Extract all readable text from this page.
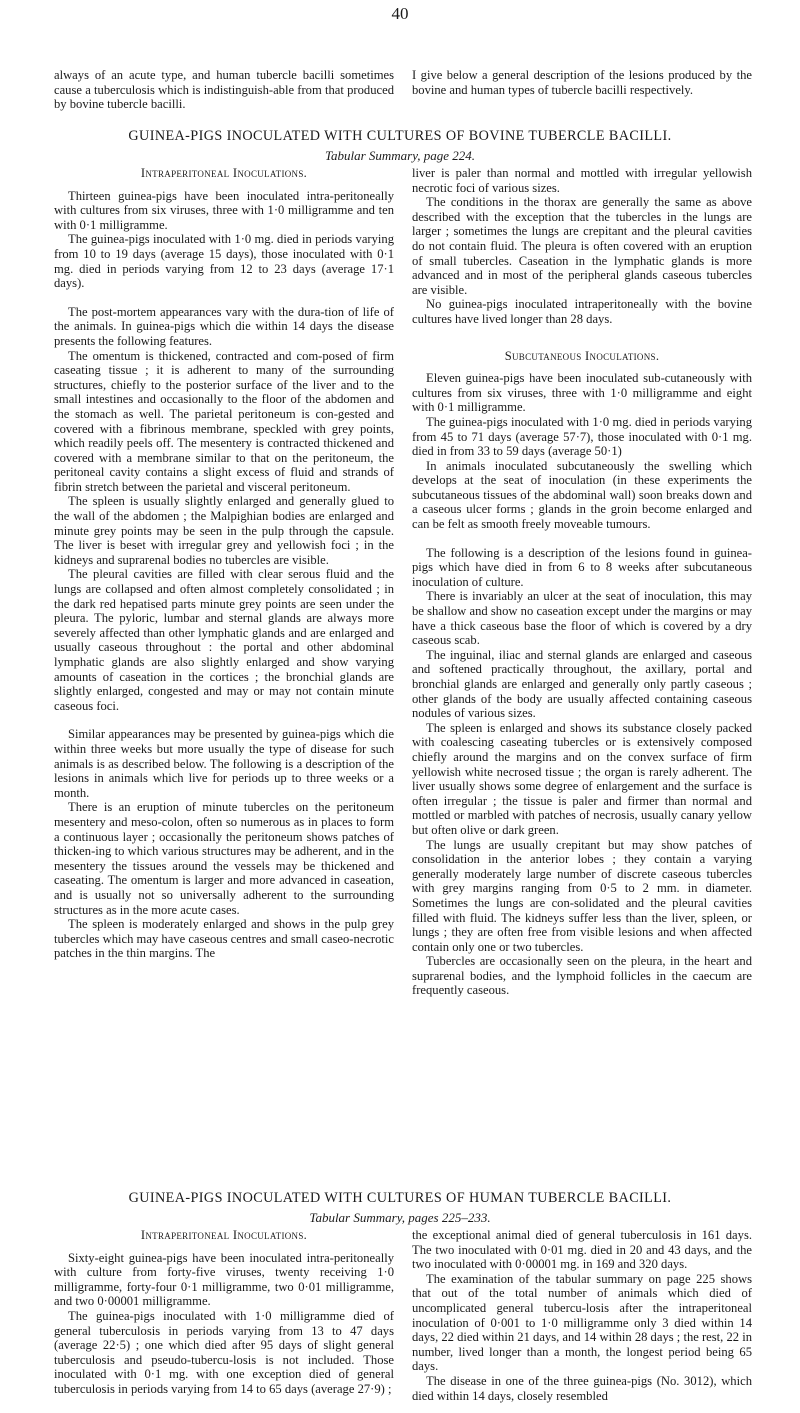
40

always of an acute type, and human tubercle bacilli sometimes cause a tuberculosis which is indistinguish-able from that produced by bovine tubercle bacilli.

I give below a general description of the lesions produced by the bovine and human types of tubercle bacilli respectively.

GUINEA-PIGS INOCULATED WITH CULTURES OF BOVINE TUBERCLE BACILLI.
Tabular Summary, page 224.
Intraperitoneal Inoculations.

Thirteen guinea-pigs have been inoculated intra-peritoneally with cultures from six viruses, three with 1·0 milligramme and ten with 0·1 milligramme.

The guinea-pigs inoculated with 1·0 mg. died in periods varying from 10 to 19 days (average 15 days), those inoculated with 0·1 mg. died in periods varying from 12 to 23 days (average 17·1 days).

The post-mortem appearances vary with the dura-tion of life of the animals. In guinea-pigs which die within 14 days the disease presents the following features.

The omentum is thickened, contracted and com-posed of firm caseating tissue ; it is adherent to many of the surrounding structures, chiefly to the posterior surface of the liver and to the small intestines and occasionally to the floor of the abdomen and the stomach as well. The parietal peritoneum is con-gested and covered with a fibrinous membrane, speckled with grey points, which readily peels off. The mesentery is contracted thickened and covered with a membrane similar to that on the peritoneum, the peritoneal cavity contains a slight excess of fluid and strands of fibrin stretch between the parietal and visceral peritoneum.

The spleen is usually slightly enlarged and generally glued to the wall of the abdomen ; the Malpighian bodies are enlarged and minute grey points may be seen in the pulp through the capsule. The liver is beset with irregular grey and yellowish foci ; in the kidneys and suprarenal bodies no tubercles are visible.

The pleural cavities are filled with clear serous fluid and the lungs are collapsed and often almost completely consolidated ; in the dark red hepatised parts minute grey points are seen under the pleura. The pyloric, lumbar and sternal glands are always more severely affected than other lymphatic glands and are enlarged and usually caseous throughout : the portal and other abdominal lymphatic glands are also slightly enlarged and show varying amounts of caseation in the cortices ; the bronchial glands are slightly enlarged, congested and may or may not contain minute caseous foci.

Similar appearances may be presented by guinea-pigs which die within three weeks but more usually the type of disease for such animals is as described below. The following is a description of the lesions in animals which live for periods up to three weeks or a month.

There is an eruption of minute tubercles on the peritoneum mesentery and meso-colon, often so numerous as in places to form a continuous layer ; occasionally the peritoneum shows patches of thicken-ing to which various structures may be adherent, and in the mesentery the tissues around the vessels may be thickened and caseating. The omentum is larger and more advanced in caseation, and is usually not so universally adherent to the surrounding structures as in the more acute cases.

The spleen is moderately enlarged and shows in the pulp grey tubercles which may have caseous centres and small caseo-necrotic patches in the thin margins. The

liver is paler than normal and mottled with irregular yellowish necrotic foci of various sizes.

The conditions in the thorax are generally the same as above described with the exception that the tubercles in the lungs are larger ; sometimes the lungs are crepitant and the pleural cavities do not contain fluid. The pleura is often covered with an eruption of small tubercles. Caseation in the lymphatic glands is more advanced and in most of the peripheral glands caseous tubercles are visible.

No guinea-pigs inoculated intraperitoneally with the bovine cultures have lived longer than 28 days.

Subcutaneous Inoculations.

Eleven guinea-pigs have been inoculated sub-cutaneously with cultures from six viruses, three with 1·0 milligramme and eight with 0·1 milligramme.

The guinea-pigs inoculated with 1·0 mg. died in periods varying from 45 to 71 days (average 57·7), those inoculated with 0·1 mg. died in from 33 to 59 days (average 50·1)

In animals inoculated subcutaneously the swelling which develops at the seat of inoculation (in these experiments the subcutaneous tissues of the abdominal wall) soon breaks down and a caseous ulcer forms ; glands in the groin become enlarged and can be felt as smooth freely moveable tumours.

The following is a description of the lesions found in guinea-pigs which have died in from 6 to 8 weeks after subcutaneous inoculation of culture.

There is invariably an ulcer at the seat of inoculation, this may be shallow and show no caseation except under the margins or may have a thick caseous base the floor of which is covered by a dry caseous scab.

The inguinal, iliac and sternal glands are enlarged and caseous and softened practically throughout, the axillary, portal and bronchial glands are enlarged and generally only partly caseous ; other glands of the body are usually affected containing caseous nodules of various sizes.

The spleen is enlarged and shows its substance closely packed with coalescing caseating tubercles or is extensively composed chiefly around the margins and on the convex surface of firm yellowish white necrosed tissue ; the organ is rarely adherent. The liver usually shows some degree of enlargement and the surface is often irregular ; the tissue is paler and firmer than normal and mottled or marbled with patches of necrosis, usually canary yellow but often olive or dark green.

The lungs are usually crepitant but may show patches of consolidation in the anterior lobes ; they contain a varying generally moderately large number of discrete caseous tubercles with grey margins ranging from 0·5 to 2 mm. in diameter. Sometimes the lungs are con-solidated and the pleural cavities filled with fluid. The kidneys suffer less than the liver, spleen, or lungs ; they are often free from visible lesions and when affected contain only one or two tubercles.

Tubercles are occasionally seen on the pleura, in the heart and suprarenal bodies, and the lymphoid follicles in the caecum are frequently caseous.

GUINEA-PIGS INOCULATED WITH CULTURES OF HUMAN TUBERCLE BACILLI.
Tabular Summary, pages 225–233.
Intraperitoneal Inoculations.

Sixty-eight guinea-pigs have been inoculated intra-peritoneally with culture from forty-five viruses, twenty receiving 1·0 milligramme, forty-four 0·1 milligramme, two 0·01 milligramme, and two 0·00001 milligramme.

The guinea-pigs inoculated with 1·0 milligramme died of general tuberculosis in periods varying from 13 to 47 days (average 22·5) ; one which died after 95 days of slight general tuberculosis and pseudo-tubercu-losis is not included. Those inoculated with 0·1 mg. with one exception died of general tuberculosis in periods varying from 14 to 65 days (average 27·9) ;

the exceptional animal died of general tuberculosis in 161 days. The two inoculated with 0·01 mg. died in 20 and 43 days, and the two inoculated with 0·00001 mg. in 169 and 320 days.

The examination of the tabular summary on page 225 shows that out of the total number of animals which died of uncomplicated general tubercu-losis after the intraperitoneal inoculation of 0·001 to 1·0 milligramme only 3 died within 14 days, 22 died within 21 days, and 14 within 28 days ; the rest, 22 in number, lived longer than a month, the longest period being 65 days.

The disease in one of the three guinea-pigs (No. 3012), which died within 14 days, closely resembled
